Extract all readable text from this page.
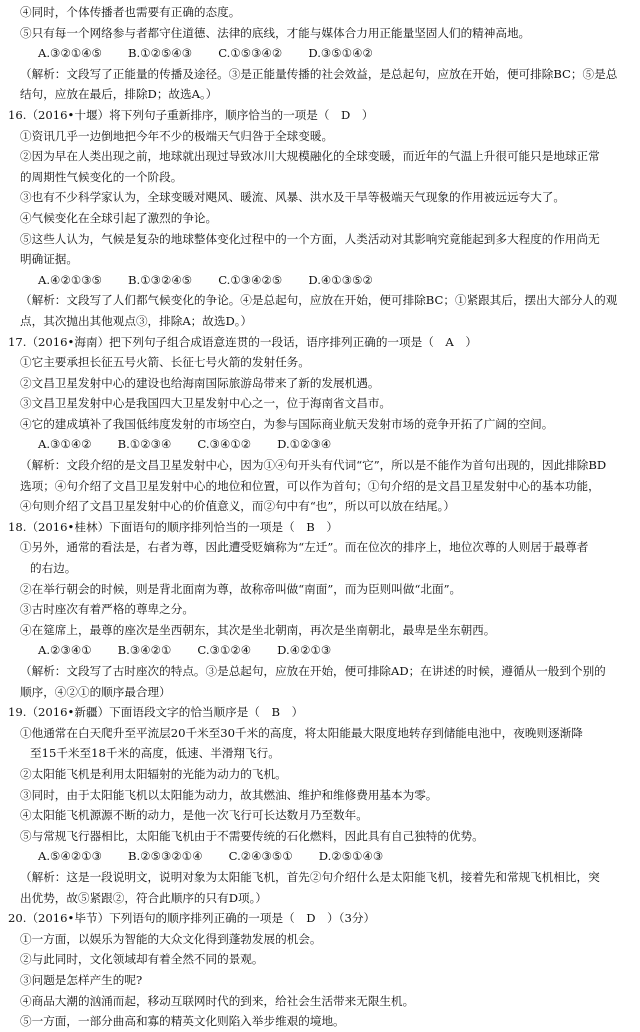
④同时，个体传播者也需要有正确的态度。
⑤只有每一个网络参与者都守住道德、法律的底线，才能与媒体合力用正能量坚固人们的精神高地。
A.③②①④⑤ B.①②⑤④③ C.①⑤③④② D.③⑤①④②
（解析：文段写了正能量的传播及途径。③是正能量传播的社会效益，是总起句，应放在开始，便可排除BC；⑤是总
结句，应放在最后，排除D；故选A。）
16.（2016•十堰）将下列句子重新排序，顺序恰当的一项是（　D　）
①资讯几乎一边倒地把今年不少的极端天气归咎于全球变暖。
②因为早在人类出现之前，地球就出现过导致冰川大规模融化的全球变暖，而近年的气温上升很可能只是地球正常
的周期性气候变化的一个阶段。
③也有不少科学家认为，全球变暖对飓风、暖流、风暴、洪水及干旱等极端天气现象的作用被远远夸大了。
④气候变化在全球引起了激烈的争论。
⑤这些人认为，气候是复杂的地球整体变化过程中的一个方面，人类活动对其影响究竟能起到多大程度的作用尚无
明确证据。
A.④②①③⑤ B.①③②④⑤ C.①③④②⑤ D.④①③⑤②
（解析：文段写了人们都气候变化的争论。④是总起句，应放在开始，便可排除BC；①紧跟其后，摆出大部分人的观
点，其次抛出其他观点③，排除A；故选D。）
17.（2016•海南）把下列句子组合成语意连贯的一段话，语序排列正确的一项是（　A　）
①它主要承担长征五号火箭、长征七号火箭的发射任务。
②文昌卫星发射中心的建设也给海南国际旅游岛带来了新的发展机遇。
③文昌卫星发射中心是我国四大卫星发射中心之一，位于海南省文昌市。
④它的建成填补了我国低纬度发射的市场空白，为参与国际商业航天发射市场的竞争开拓了广阔的空间。
A.③①④② B.①②③④ C.③④①② D.①②③④
（解析：文段介绍的是文昌卫星发射中心，因为①④句开头有代词“它”，所以是不能作为首句出现的，因此排除BD
选项；④句介绍了文昌卫星发射中心的地位和位置，可以作为首句；①句介绍的是文昌卫星发射中心的基本功能，
④句则介绍了文昌卫星发射中心的价值意义，而②句中有“也”，所以可以放在结尾。）
18.（2016•桂林）下面语句的顺序排列恰当的一项是（　B　）
①另外，通常的看法是，右者为尊，因此遭受贬嫡称为“左迁”。而在位次的排序上，地位次尊的人则居于最尊者
的右边。
②在举行朝会的时候，则是背北面南为尊，故称帝叫做“南面”，而为臣则叫做“北面”。
③古时座次有着严格的尊卑之分。
④在筵席上，最尊的座次是坐西朝东，其次是坐北朝南，再次是坐南朝北，最卑是坐东朝西。
A.②③④① B.③④②① C.③①②④ D.④②①③
（解析：文段写了古时座次的特点。③是总起句，应放在开始，便可排除AD；在讲述的时候，遵循从一般到个别的
顺序，④②①的顺序最合理）
19.（2016•新疆）下面语段文字的恰当顺序是（　B　）
①他通常在白天爬升至平流层20千米至30千米的高度，将太阳能最大限度地转存到储能电池中，夜晚则逐渐降
至15千米至18千米的高度，低速、半滑翔飞行。
②太阳能飞机是利用太阳辐射的光能为动力的飞机。
③同时，由于太阳能飞机以太阳能为动力，故其燃油、维护和维修费用基本为零。
④太阳能飞机源源不断的动力，是他一次飞行可长达数月乃至数年。
⑤与常规飞行器相比，太阳能飞机由于不需要传统的石化燃料，因此具有自己独特的优势。
A.⑤④②①③ B.②⑤③②①④ C.②④③⑤① D.②⑤①④③
（解析：这是一段说明文，说明对象为太阳能飞机，首先②句介绍什么是太阳能飞机，接着先和常规飞机相比，突
出优势，故⑤紧跟②，符合此顺序的只有D项。）
20.（2016•毕节）下列语句的顺序排列正确的一项是（　D　）（3分）
①一方面，以娱乐为智能的大众文化得到蓬勃发展的机会。
②与此同时，文化领域却有着全然不同的景观。
③问题是怎样产生的呢?
④商品大潮的汹涌而起，移动互联网时代的到来，给社会生活带来无限生机。
⑤一方面，一部分曲高和寡的精英文化则陷入举步维艰的境地。
